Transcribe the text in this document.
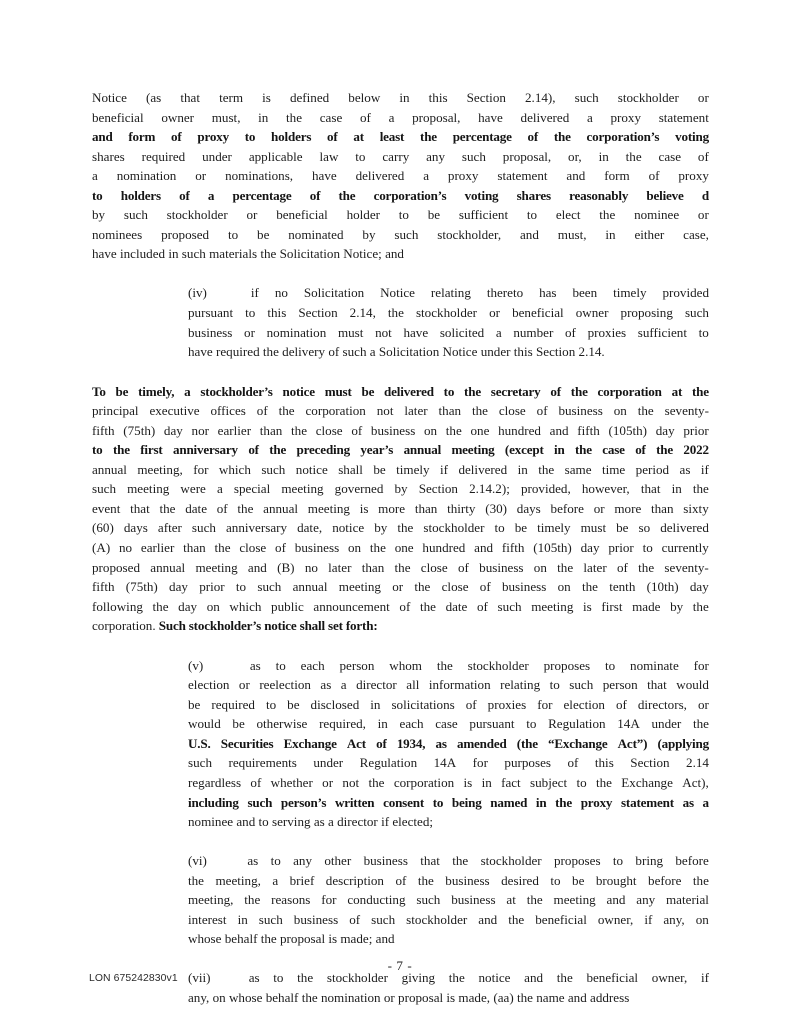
Notice (as that term is defined below in this Section 2.14), such stockholder or
beneficial owner must, in the case of a proposal, have delivered a proxy statement
and form of proxy to holders of at least the percentage of the corporation’s voting
shares required under applicable law to carry any such proposal, or, in the case of
a nomination or nominations, have delivered a proxy statement and form of proxy
to holders of a percentage of the corporation’s voting shares reasonably believe d
by such stockholder or beneficial holder to be sufficient to elect the nominee or
nominees proposed to be nominated by such stockholder, and must, in either case,
have included in such materials the Solicitation Notice; and

(iv)	if no Solicitation Notice relating thereto has been timely provided
pursuant to this Section 2.14, the stockholder or beneficial owner proposing such
business or nomination must not have solicited a number of proxies sufficient to
have required the delivery of such a Solicitation Notice under this Section 2.14.

To be timely, a stockholder’s notice must be delivered to the secretary of the corporation at the
principal executive offices of the corporation not later than the close of business on the seventy-
fifth (75th) day nor earlier than the close of business on the one hundred and fifth (105th) day prior
to the first anniversary of the preceding year’s annual meeting (except in the case of the 2022
annual meeting, for which such notice shall be timely if delivered in the same time period as if
such meeting were a special meeting governed by Section 2.14.2); provided, however, that in the
event that the date of the annual meeting is more than thirty (30) days before or more than sixty
(60) days after such anniversary date, notice by the stockholder to be timely must be so delivered
(A) no earlier than the close of business on the one hundred and fifth (105th) day prior to currently
proposed annual meeting and (B) no later than the close of business on the later of the seventy-
fifth (75th) day prior to such annual meeting or the close of business on the tenth (10th) day
following the day on which public announcement of the date of such meeting is first made by the
corporation. Such stockholder’s notice shall set forth:

(v)	as to each person whom the stockholder proposes to nominate for
election or reelection as a director all information relating to such person that would
be required to be disclosed in solicitations of proxies for election of directors, or
would be otherwise required, in each case pursuant to Regulation 14A under the
U.S. Securities Exchange Act of 1934, as amended (the “Exchange Act”) (applying
such requirements under Regulation 14A for purposes of this Section 2.14
regardless of whether or not the corporation is in fact subject to the Exchange Act),
including such person’s written consent to being named in the proxy statement as a
nominee and to serving as a director if elected;

(vi)	as to any other business that the stockholder proposes to bring before
the meeting, a brief description of the business desired to be brought before the
meeting, the reasons for conducting such business at the meeting and any material
interest in such business of such stockholder and the beneficial owner, if any, on
whose behalf the proposal is made; and

(vii)	as to the stockholder giving the notice and the beneficial owner, if
any, on whose behalf the nomination or proposal is made, (aa) the name and address

- 7 -
LON 675242830v1
